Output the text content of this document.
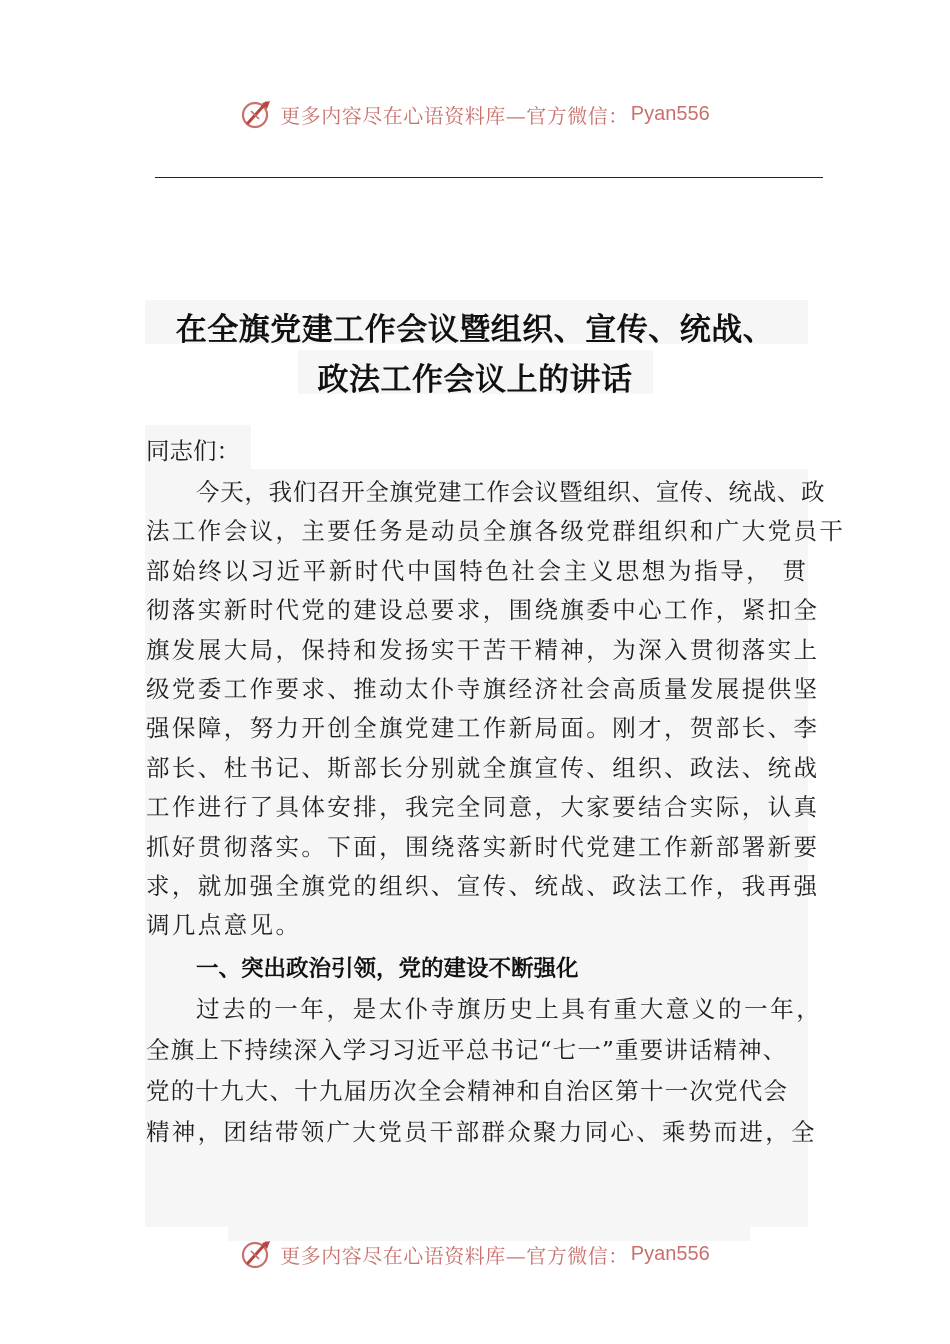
更多内容尽在心语资料库—官方微信： Pyan556
在全旗党建工作会议暨组织、宣传、统战、
政法工作会议上的讲话
同志们：
今天，我们召开全旗党建工作会议暨组织、宣传、统战、政
法工作会议，主要任务是动员全旗各级党群组织和广大党员干
部始终以习近平新时代中国特色社会主义思想为指导， 贯
彻落实新时代党的建设总要求，围绕旗委中心工作，紧扣全
旗发展大局，保持和发扬实干苦干精神，为深入贯彻落实上
级党委工作要求、推动太仆寺旗经济社会高质量发展提供坚
强保障，努力开创全旗党建工作新局面。刚才，贺部长、李
部长、杜书记、斯部长分别就全旗宣传、组织、政法、统战
工作进行了具体安排，我完全同意，大家要结合实际，认真
抓好贯彻落实。下面，围绕落实新时代党建工作新部署新要
求，就加强全旗党的组织、宣传、统战、政法工作，我再强
调几点意见。
一、突出政治引领，党的建设不断强化
过去的一年，是太仆寺旗历史上具有重大意义的一年，
全旗上下持续深入学习习近平总书记“七一”重要讲话精神、
党的十九大、十九届历次全会精神和自治区第十一次党代会
精神，团结带领广大党员干部群众聚力同心、乘势而进，全
更多内容尽在心语资料库—官方微信： Pyan556
